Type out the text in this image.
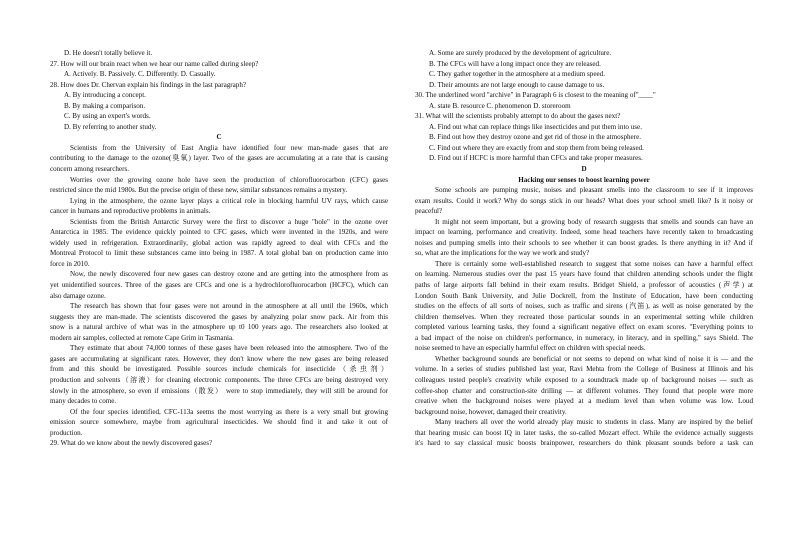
D. He doesn't totally believe it.
27. How will our brain react when we hear our name called during sleep?
A. Actively. B. Passively. C. Differently. D. Casually.
28. How does Dr. Chervan explain his findings in the last paragraph?
A. By introducing a concept.
B. By making a comparison.
C. By using an expert's words.
D. By referring to another study.
C
Scientists from the University of East Anglia have identified four new man-made gases that are
contributing to the damage to the ozone(臭氧) layer. Two of the gases are accumulating at a rate that is causing
concern among researchers.
Worries over the growing ozone hole have seen the production of chlorofluorocarbon (CFC) gases
restricted since the mid 1980s. But the precise origin of these new, similar substances remains a mystery.
Lying in the atmosphere, the ozone layer plays a critical role in blocking harmful UV rays, which cause
cancer in humans and reproductive problems in animals.
Scientists from the British Antarctic Survey were the first to discover a huge "hole" in the ozone over
Antarctica in 1985. The evidence quickly pointed to CFC gases, which were invented in the 1920s, and were
widely used in refrigeration. Extraordinarily, global action was rapidly agreed to deal with CFCs and the
Montreal Protocol to limit these substances came into being in 1987. A total global ban on production came into
force in 2010.
Now, the newly discovered four new gases can destroy ozone and are getting into the atmosphere from as
yet unidentified sources. Three of the gases are CFCs and one is a hydrochlorofluorocarbon (HCFC), which can
also damage ozone.
The research has shown that four gases were not around in the atmosphere at all until the 1960s, which
suggests they are man-made. The scientists discovered the gases by analyzing polar snow pack. Air from this
snow is a natural archive of what was in the atmosphere up t0 100 years ago. The researchers also looked at
modern air samples, collected at remote Cape Grim in Tasmania.
They estimate that about 74,000 tonnes of these gases have been released into the atmosphere. Two of the
gases are accumulating at significant rates. However, they don't know where the new gases are being released
from and this should be investigated. Possible sources include chemicals for insecticide（杀虫剂）
production and solvents（溶液）for cleaning electronic components. The three CFCs are being destroyed very
slowly in the atmosphere, so even if emissions（散发） were to stop immediately, they will still be around for
many decades to come.
Of the four species identified, CFC-113a seems the most worrying as there is a very small but growing
emission source somewhere, maybe from agricultural insecticides. We should find it and take it out of
production.
29. What do we know about the newly discovered gases?
A. Some are surely produced by the development of agriculture.
B. The CFCs will have a long impact once they are released.
C. They gather together in the atmosphere at a medium speed.
D. Their amounts are not large enough to cause damage to us.
30. The underlined word "archive" in Paragraph 6 is closest to the meaning of"____"
A. state B. resource C. phenomenon D. storeroom
31. What will the scientists probably attempt to do about the gases next?
A. Find out what can replace things like insecticides and put them into use.
B. Find out how they destroy ozone and get rid of those in the atmosphere.
C. Find out where they are exactly from and stop them from being released.
D. Find out if HCFC is more harmful than CFCs and take proper measures.
D
Hacking our senses to boost learning power
Some schools are pumping music, noises and pleasant smells into the classroom to see if it improves
exam results. Could it work? Why do songs stick in our heads? What does your school smell like? Is it noisy or
peaceful?
It might not seem important, but a growing body of research suggests that smells and sounds can have an
impact on learning, performance and creativity. Indeed, some head teachers have recently taken to broadcasting
noises and pumping smells into their schools to see whether it can boost grades. Is there anything in it? And if
so, what are the implications for the way we work and study?
There is certainly some well-established research to suggest that some noises can have a harmful effect
on learning. Numerous studies over the past 15 years have found that children attending schools under the flight
paths of large airports fall behind in their exam results. Bridget Shield, a professor of acoustics (声学) at
London South Bank University, and Julie Dockrell, from the Institute of Education, have been conducting
studies on the effects of all sorts of noises, such as traffic and sirens (汽笛), as well as noise generated by the
children themselves. When they recreated those particular sounds in an experimental setting while children
completed various learning tasks, they found a significant negative effect on exam scores. "Everything points to
a bad impact of the noise on children's performance, in numeracy, in literacy, and in spelling," says Shield. The
noise seemed to have an especially harmful effect on children with special needs.
Whether background sounds are beneficial or not seems to depend on what kind of noise it is — and the
volume. In a series of studies published last year, Ravi Mehta from the College of Business at Illinois and his
colleagues tested people's creativity while exposed to a soundtrack made up of background noises — such as
coffee-shop chatter and construction-site drilling — at different volumes. They found that people were more
creative when the background noises were played at a medium level than when volume was low. Loud
background noise, however, damaged their creativity.
Many teachers all over the world already play music to students in class. Many are inspired by the belief
that hearing music can boost IQ in later tasks, the so-called Mozart effect. While the evidence actually suggests
it's hard to say classical music boosts brainpower, researchers do think pleasant sounds before a task can
